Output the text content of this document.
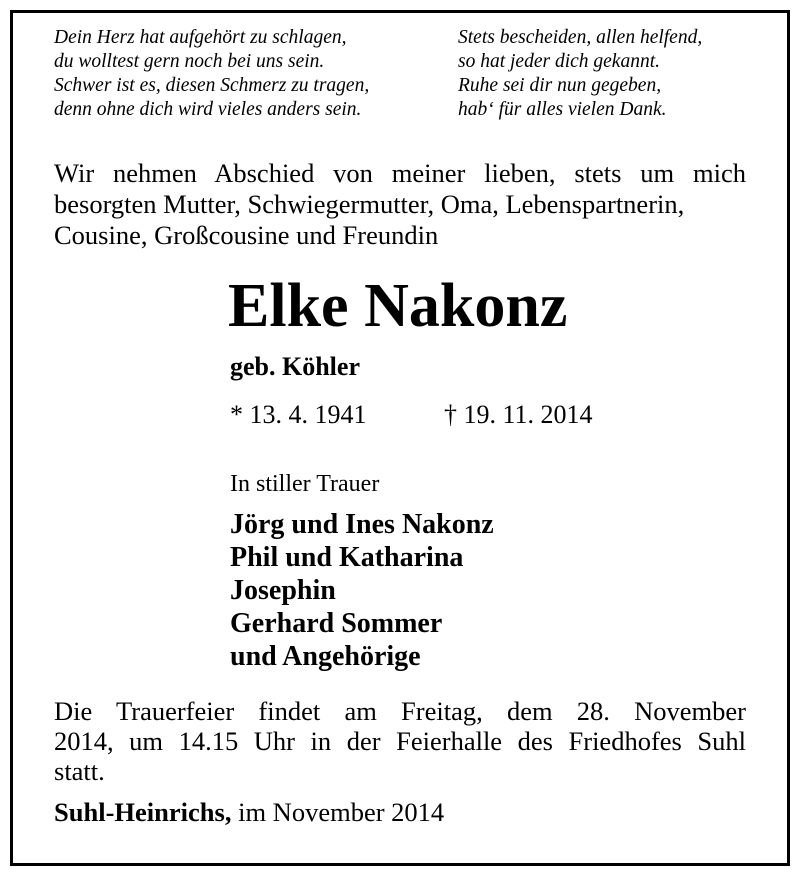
Dein Herz hat aufgehört zu schlagen,
du wolltest gern noch bei uns sein.
Schwer ist es, diesen Schmerz zu tragen,
denn ohne dich wird vieles anders sein.
Stets bescheiden, allen helfend,
so hat jeder dich gekannt.
Ruhe sei dir nun gegeben,
hab‘ für alles vielen Dank.
Wir nehmen Abschied von meiner lieben, stets um mich besorgten Mutter, Schwiegermutter, Oma, Lebenspartnerin,
Cousine, Großcousine und Freundin
Elke Nakonz
geb. Köhler
* 13. 4. 1941	† 19. 11. 2014
In stiller Trauer
Jörg und Ines Nakonz
Phil und Katharina
Josephin
Gerhard Sommer
und Angehörige
Die Trauerfeier findet am Freitag, dem 28. November
2014, um 14.15 Uhr in der Feierhalle des Friedhofes Suhl
statt.
Suhl-Heinrichs, im November 2014
